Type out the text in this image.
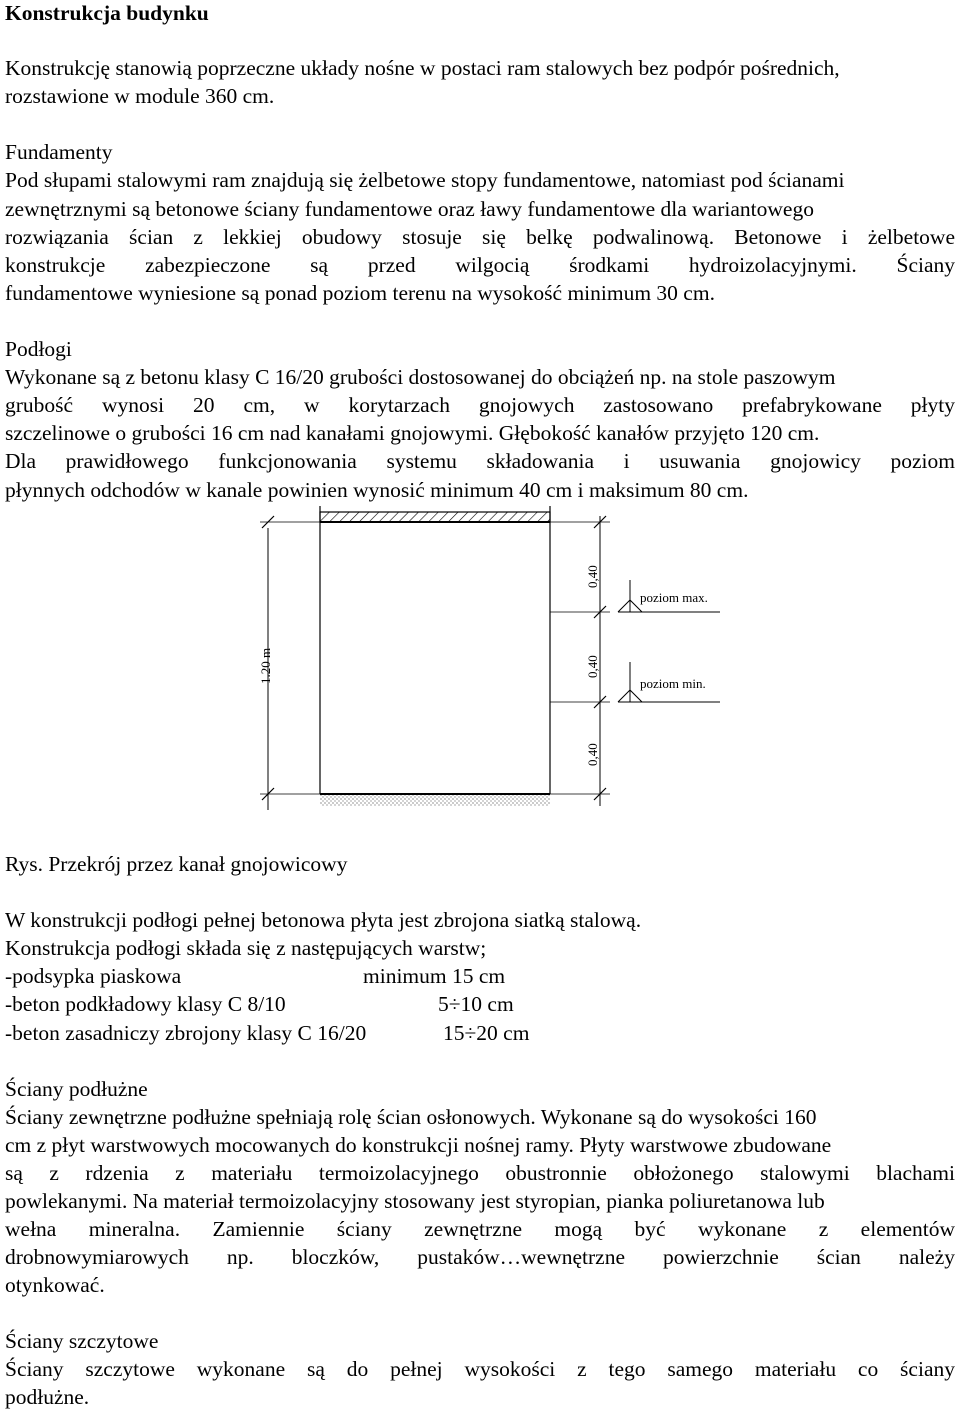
Konstrukcja budynku
Konstrukcję stanowią poprzeczne układy nośne w postaci ram stalowych bez podpór pośrednich,
rozstawione w module 360 cm.
Fundamenty
Pod słupami stalowymi ram znajdują się żelbetowe stopy fundamentowe, natomiast pod ścianami
zewnętrznymi są betonowe ściany fundamentowe oraz ławy fundamentowe dla wariantowego
rozwiązania ścian z lekkiej obudowy stosuje się belkę podwalinową. Betonowe i żelbetowe
konstrukcje zabezpieczone są przed wilgocią środkami hydroizolacyjnymi. Ściany
fundamentowe wyniesione są ponad poziom terenu na wysokość minimum 30 cm.
Podłogi
Wykonane są z betonu klasy C 16/20 grubości dostosowanej do obciążeń np. na stole paszowym
grubość wynosi 20 cm, w korytarzach gnojowych zastosowano prefabrykowane płyty
szczelinowe o grubości 16 cm nad kanałami gnojowymi. Głębokość kanałów przyjęto 120 cm.
Dla prawidłowego funkcjonowania systemu składowania i usuwania gnojowicy poziom
płynnych odchodów w kanale powinien wynosić minimum 40 cm i maksimum 80 cm.
1.20 m
0,40
0,40
0,40
poziom max.
poziom min.
Rys. Przekrój przez kanał gnojowicowy
W konstrukcji podłogi pełnej betonowa płyta jest zbrojona siatką stalową.
Konstrukcja podłogi składa się z następujących warstw;
-podsypka piaskowa	minimum 15 cm
-beton podkładowy klasy C 8/10	5÷10 cm
-beton zasadniczy zbrojony klasy C 16/20	15÷20 cm
Ściany podłużne
Ściany zewnętrzne podłużne spełniają rolę ścian osłonowych. Wykonane są do wysokości 160
cm z płyt warstwowych mocowanych do konstrukcji nośnej ramy. Płyty warstwowe zbudowane
są z rdzenia z materiału termoizolacyjnego obustronnie obłożonego stalowymi blachami
powlekanymi. Na materiał termoizolacyjny stosowany jest styropian, pianka poliuretanowa lub
wełna mineralna. Zamiennie ściany zewnętrzne mogą być wykonane z elementów
drobnowymiarowych np. bloczków, pustaków…wewnętrzne powierzchnie ścian należy
otynkować.
Ściany szczytowe
Ściany szczytowe wykonane są do pełnej wysokości z tego samego materiału co ściany
podłużne.
